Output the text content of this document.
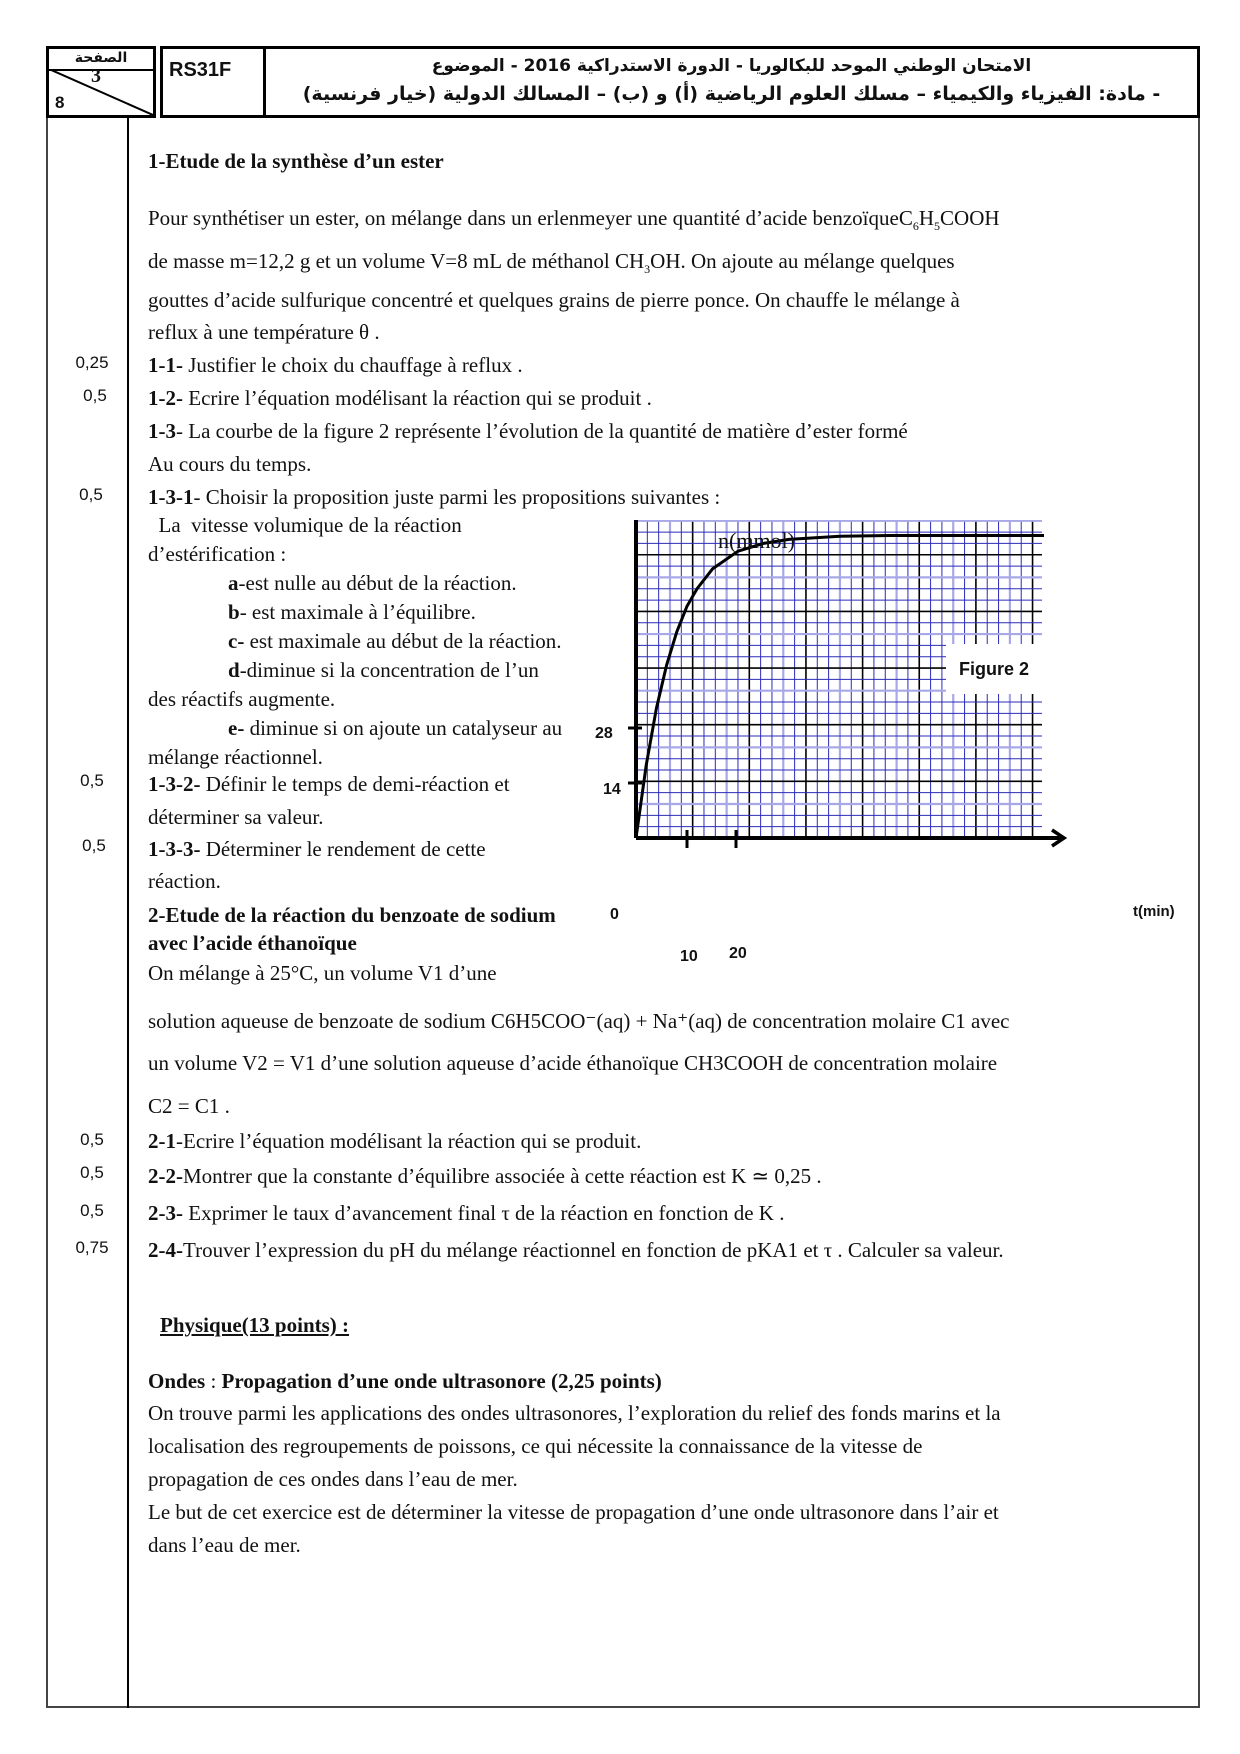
الصفحة
3
8
RS31F	الامتحان الوطني الموحد للبكالوريا - الدورة الاستدراكية 2016 - الموضوع
- مادة: الفيزياء والكيمياء – مسلك العلوم الرياضية (أ) و (ب) – المسالك الدولية (خيار فرنسية)
0,25
0,5
0,5
0,5
0,5
0,5
0,5
0,5
0,75
1-Etude de la synthèse d’un ester
Pour synthétiser un ester, on mélange dans un erlenmeyer une quantité d’acide $benzoïqueC_6H_5COOH$
de masse m=12,2 g et un volume V=8 mL de méthanol $CH_3OH$. On ajoute au mélange quelques
gouttes d’acide sulfurique concentré et quelques grains de pierre ponce. On chauffe le mélange à
reflux à une température θ .
1-1- Justifier le choix du chauffage à reflux .
1-2- Ecrire l’équation modélisant la réaction qui se produit .
1-3- La courbe de la figure 2 représente l’évolution de la quantité de matière d’ester formé
Au cours du temps.
1-3-1- Choisir la proposition juste parmi les propositions suivantes :
La  vitesse volumique de la réaction
d’estérification :
a-est nulle au début de la réaction.
b- est maximale à l’équilibre.
c- est maximale au début de la réaction.
d-diminue si la concentration de l’un
des réactifs augmente.
e- diminue si on ajoute un catalyseur au
mélange réactionnel.
1-3-2- Définir le temps de demi-réaction et
déterminer sa valeur.
1-3-3- Déterminer le rendement de cette
réaction.
2-Etude de la réaction du benzoate de sodium
avec l’acide éthanoïque
On mélange à 25°C, un volume V1 d’une
solution aqueuse de benzoate de sodium C6H5COO⁻(aq) + Na⁺(aq) de concentration molaire C1 avec
un volume V2 = V1 d’une solution aqueuse d’acide éthanoïque CH3COOH de concentration molaire
C2 = C1 .
2-1-Ecrire l’équation modélisant la réaction qui se produit.
2-2-Montrer que la constante d’équilibre associée à cette réaction est K ≃ 0,25 .
2-3- Exprimer le taux d’avancement final τ de la réaction en fonction de K .
2-4-Trouver l’expression du pH du mélange réactionnel en fonction de pKA1 et τ . Calculer sa valeur.
Physique(13 points) :
Ondes : Propagation d’une onde ultrasonore (2,25 points)
On trouve parmi les applications des ondes ultrasonores, l’exploration du relief des fonds marins et la
localisation des regroupements de poissons, ce qui nécessite la connaissance de la vitesse de
propagation de ces ondes dans l’eau de mer.
Le but de cet exercice est de déterminer la vitesse de propagation d’une onde ultrasonore dans l’air et
dans l’eau de mer.
n(mmol)
t(min)
0
14
28
10 20
Figure 2
